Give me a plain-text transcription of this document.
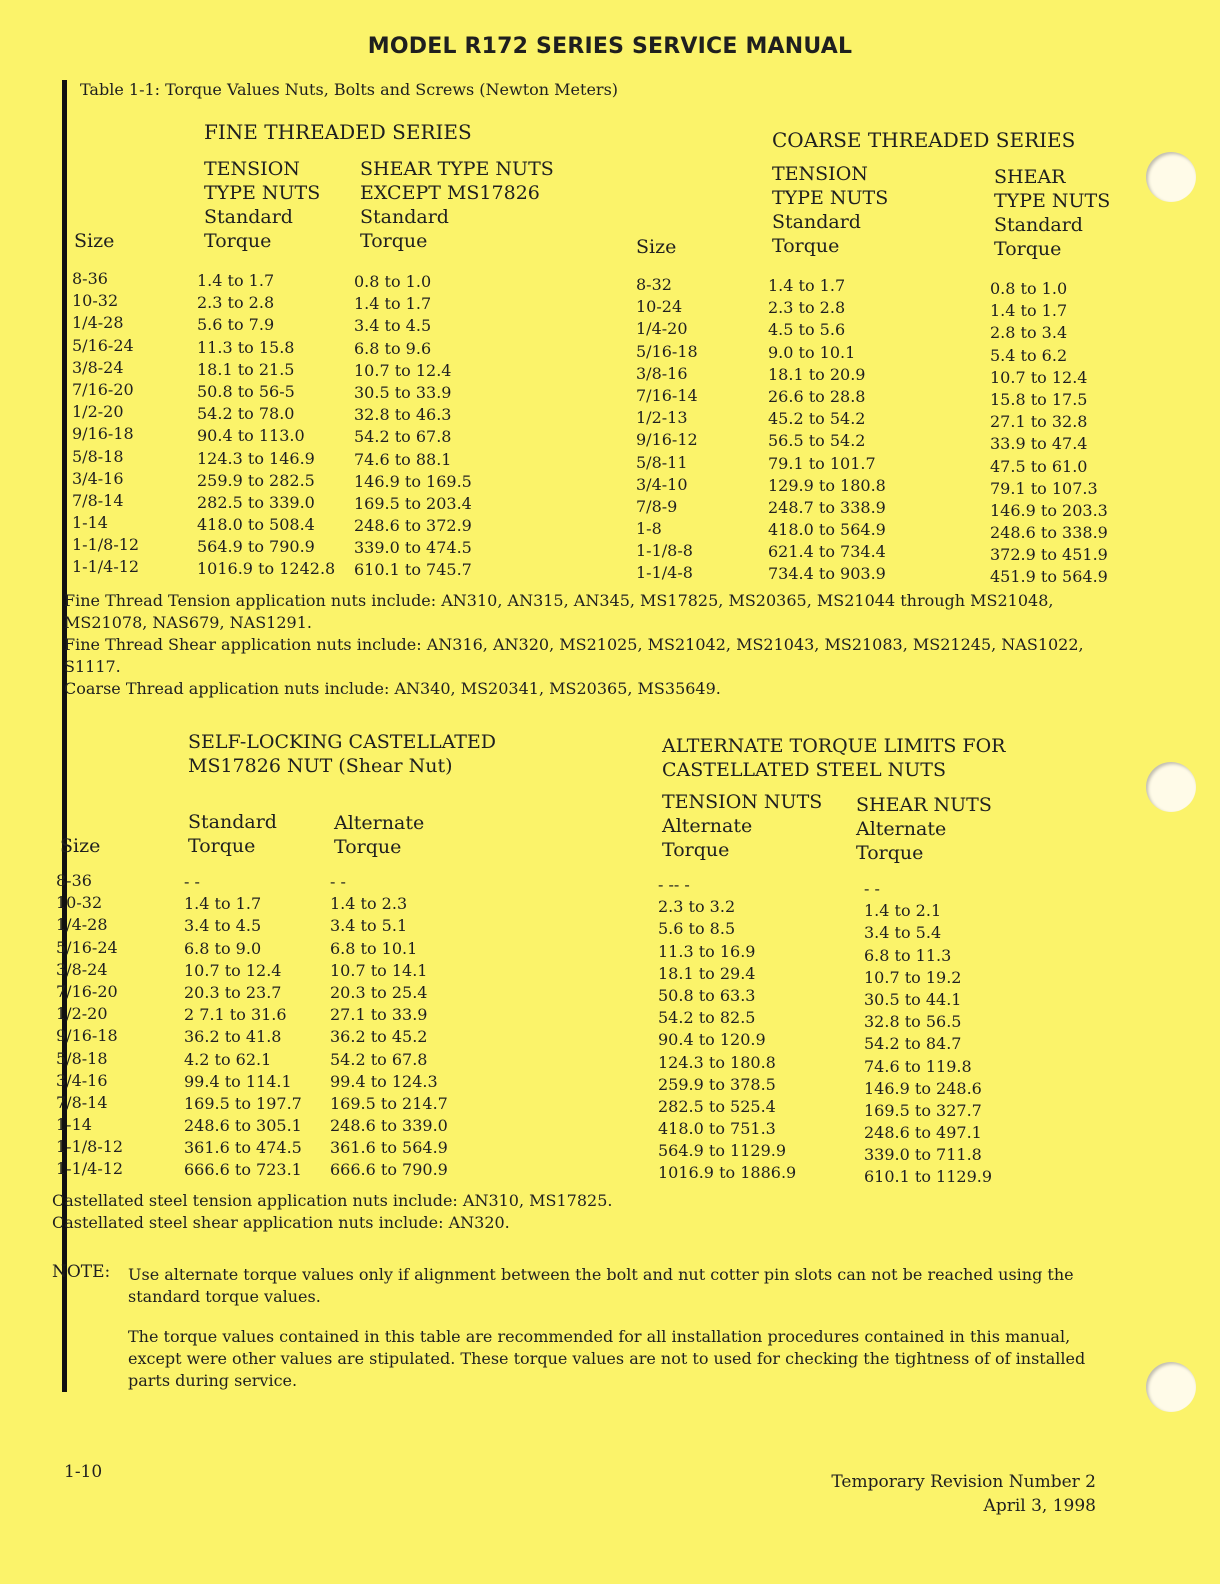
MODEL R172 SERIES SERVICE MANUAL
Table 1-1: Torque Values Nuts, Bolts and Screws (Newton Meters)
FINE THREADED SERIES
TENSION
TYPE NUTS
Standard
Torque
SHEAR TYPE NUTS
EXCEPT MS17826
Standard
Torque
Size
8-36
10-32
1/4-28
5/16-24
3/8-24
7/16-20
1/2-20
9/16-18
5/8-18
3/4-16
7/8-14
1-14
1-1/8-12
1-1/4-12
1.4 to 1.7
2.3 to 2.8
5.6 to 7.9
11.3 to 15.8
18.1 to 21.5
50.8 to 56-5
54.2 to 78.0
90.4 to 113.0
124.3 to 146.9
259.9 to 282.5
282.5 to 339.0
418.0 to 508.4
564.9 to 790.9
1016.9 to 1242.8
0.8 to 1.0
1.4 to 1.7
3.4 to 4.5
6.8 to 9.6
10.7 to 12.4
30.5 to 33.9
32.8 to 46.3
54.2 to 67.8
74.6 to 88.1
146.9 to 169.5
169.5 to 203.4
248.6 to 372.9
339.0 to 474.5
610.1 to 745.7
COARSE THREADED SERIES
TENSION
TYPE NUTS
Standard
Torque
SHEAR
TYPE NUTS
Standard
Torque
Size
8-32
10-24
1/4-20
5/16-18
3/8-16
7/16-14
1/2-13
9/16-12
5/8-11
3/4-10
7/8-9
1-8
1-1/8-8
1-1/4-8
1.4 to 1.7
2.3 to 2.8
4.5 to 5.6
9.0 to 10.1
18.1 to 20.9
26.6 to 28.8
45.2 to 54.2
56.5 to 54.2
79.1 to 101.7
129.9 to 180.8
248.7 to 338.9
418.0 to 564.9
621.4 to 734.4
734.4 to 903.9
0.8 to 1.0
1.4 to 1.7
2.8 to 3.4
5.4 to 6.2
10.7 to 12.4
15.8 to 17.5
27.1 to 32.8
33.9 to 47.4
47.5 to 61.0
79.1 to 107.3
146.9 to 203.3
248.6 to 338.9
372.9 to 451.9
451.9 to 564.9
Fine Thread Tension application nuts include: AN310, AN315, AN345, MS17825, MS20365, MS21044 through MS21048,
MS21078, NAS679, NAS1291.
Fine Thread Shear application nuts include: AN316, AN320, MS21025, MS21042, MS21043, MS21083, MS21245, NAS1022,
S1117.
Coarse Thread application nuts include: AN340, MS20341, MS20365, MS35649.
SELF-LOCKING CASTELLATED
MS17826 NUT (Shear Nut)
Standard
Torque
Alternate
Torque
Size
8-36
10-32
1/4-28
5/16-24
3/8-24
7/16-20
1/2-20
9/16-18
5/8-18
3/4-16
7/8-14
1-14
1-1/8-12
1-1/4-12
- -
1.4 to 1.7
3.4 to 4.5
6.8 to 9.0
10.7 to 12.4
20.3 to 23.7
2 7.1 to 31.6
36.2 to 41.8
4.2 to 62.1
99.4 to 114.1
169.5 to 197.7
248.6 to 305.1
361.6 to 474.5
666.6 to 723.1
- -
1.4 to 2.3
3.4 to 5.1
6.8 to 10.1
10.7 to 14.1
20.3 to 25.4
27.1 to 33.9
36.2 to 45.2
54.2 to 67.8
99.4 to 124.3
169.5 to 214.7
248.6 to 339.0
361.6 to 564.9
666.6 to 790.9
ALTERNATE TORQUE LIMITS FOR
CASTELLATED STEEL NUTS
TENSION NUTS
Alternate
Torque
SHEAR NUTS
Alternate
Torque
- -- -
2.3 to 3.2
5.6 to 8.5
11.3 to 16.9
18.1 to 29.4
50.8 to 63.3
54.2 to 82.5
90.4 to 120.9
124.3 to 180.8
259.9 to 378.5
282.5 to 525.4
418.0 to 751.3
564.9 to 1129.9
1016.9 to 1886.9
- -
1.4 to 2.1
3.4 to 5.4
6.8 to 11.3
10.7 to 19.2
30.5 to 44.1
32.8 to 56.5
54.2 to 84.7
74.6 to 119.8
146.9 to 248.6
169.5 to 327.7
248.6 to 497.1
339.0 to 711.8
610.1 to 1129.9
Castellated steel tension application nuts include: AN310, MS17825.
Castellated steel shear application nuts include: AN320.
NOTE: Use alternate torque values only if alignment between the bolt and nut cotter pin slots can not be reached using the
standard torque values.
The torque values contained in this table are recommended for all installation procedures contained in this manual,
except were other values are stipulated. These torque values are not to used for checking the tightness of of installed
parts during service.
1-10	Temporary Revision Number 2
April 3, 1998
